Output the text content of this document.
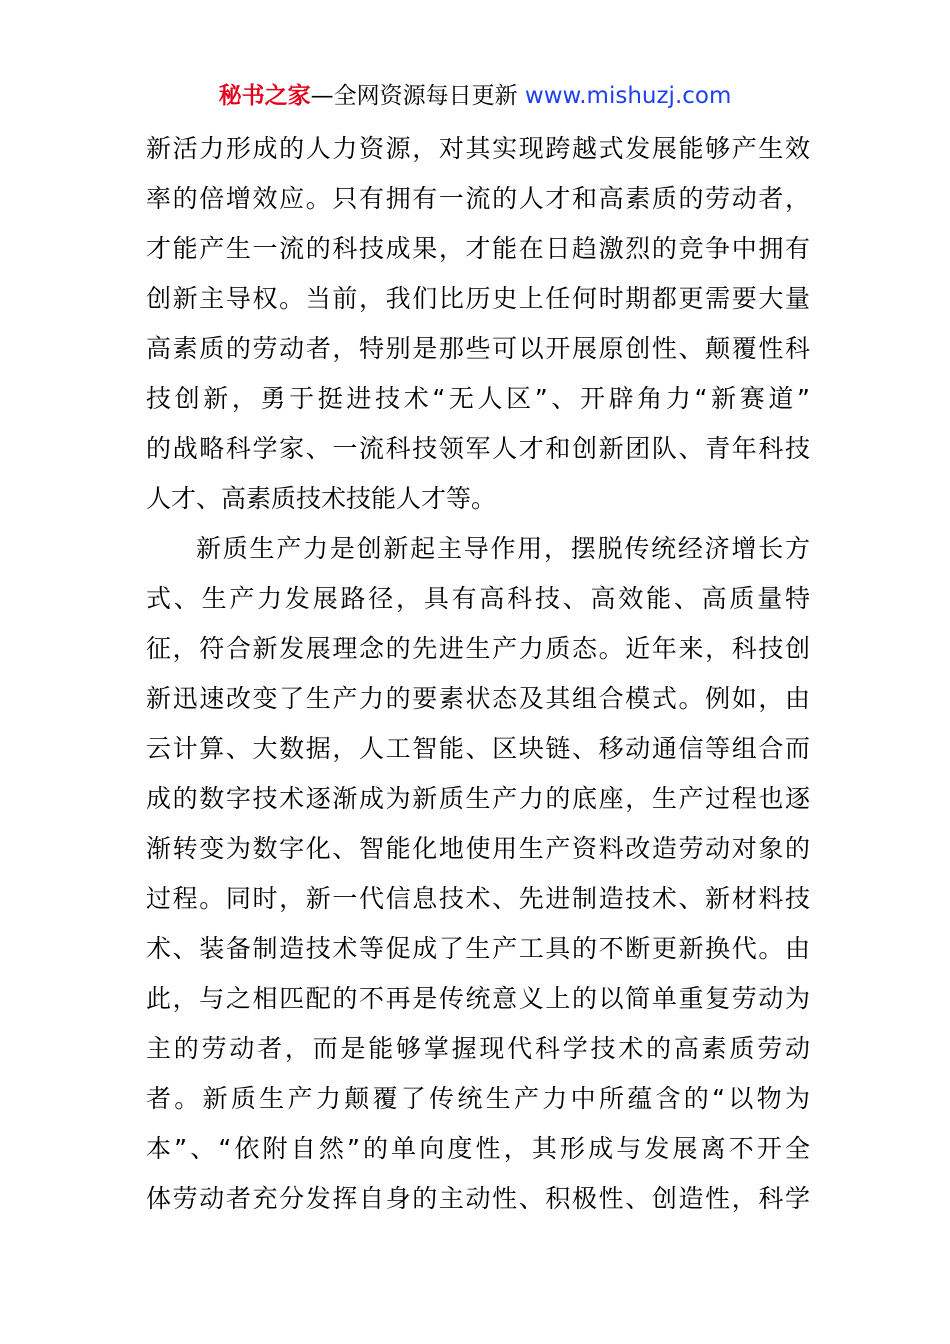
秘书之家—全网资源每日更新 www.mishuzj.com
新活力形成的人力资源，对其实现跨越式发展能够产生效
率的倍增效应。只有拥有一流的人才和高素质的劳动者，
才能产生一流的科技成果，才能在日趋激烈的竞争中拥有
创新主导权。当前，我们比历史上任何时期都更需要大量
高素质的劳动者，特别是那些可以开展原创性、颠覆性科
技创新，勇于挺进技术“无人区”、开辟角力“新赛道”
的战略科学家、一流科技领军人才和创新团队、青年科技
人才、高素质技术技能人才等。
新质生产力是创新起主导作用，摆脱传统经济增长方
式、生产力发展路径，具有高科技、高效能、高质量特
征，符合新发展理念的先进生产力质态。近年来，科技创
新迅速改变了生产力的要素状态及其组合模式。例如，由
云计算、大数据，人工智能、区块链、移动通信等组合而
成的数字技术逐渐成为新质生产力的底座，生产过程也逐
渐转变为数字化、智能化地使用生产资料改造劳动对象的
过程。同时，新一代信息技术、先进制造技术、新材料技
术、装备制造技术等促成了生产工具的不断更新换代。由
此，与之相匹配的不再是传统意义上的以简单重复劳动为
主的劳动者，而是能够掌握现代科学技术的高素质劳动
者。新质生产力颠覆了传统生产力中所蕴含的“以物为
本”、“依附自然”的单向度性，其形成与发展离不开全
体劳动者充分发挥自身的主动性、积极性、创造性，科学
